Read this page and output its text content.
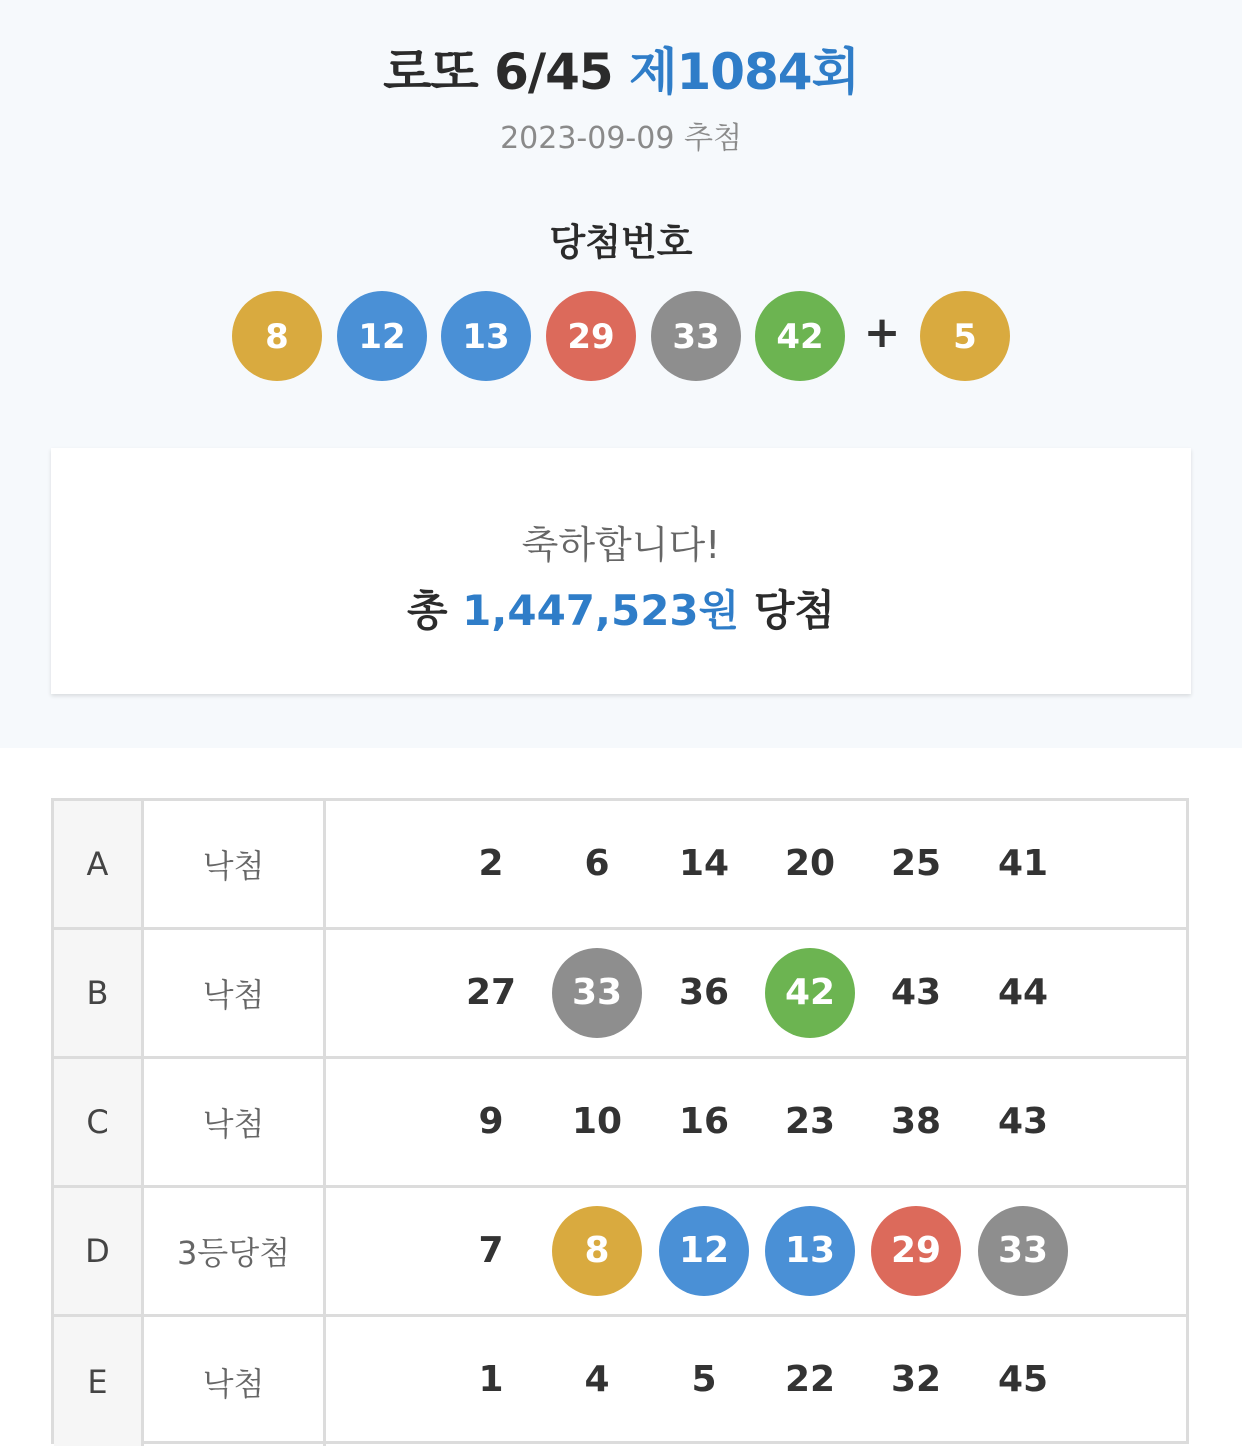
로또 6/45 제1084회
2023-09-09 추첨
당첨번호
8	12	13	29	33	42 +	5
축하합니다!
총 1,447,523원 당첨
A	낙첨	2	6	14	20	25	41
B	낙첨	27	33	36	42	43	44
C	낙첨	9	10	16	23	38	43
D	3등당첨	7	8	12	13	29	33
E	낙첨	1	4	5	22	32	45
